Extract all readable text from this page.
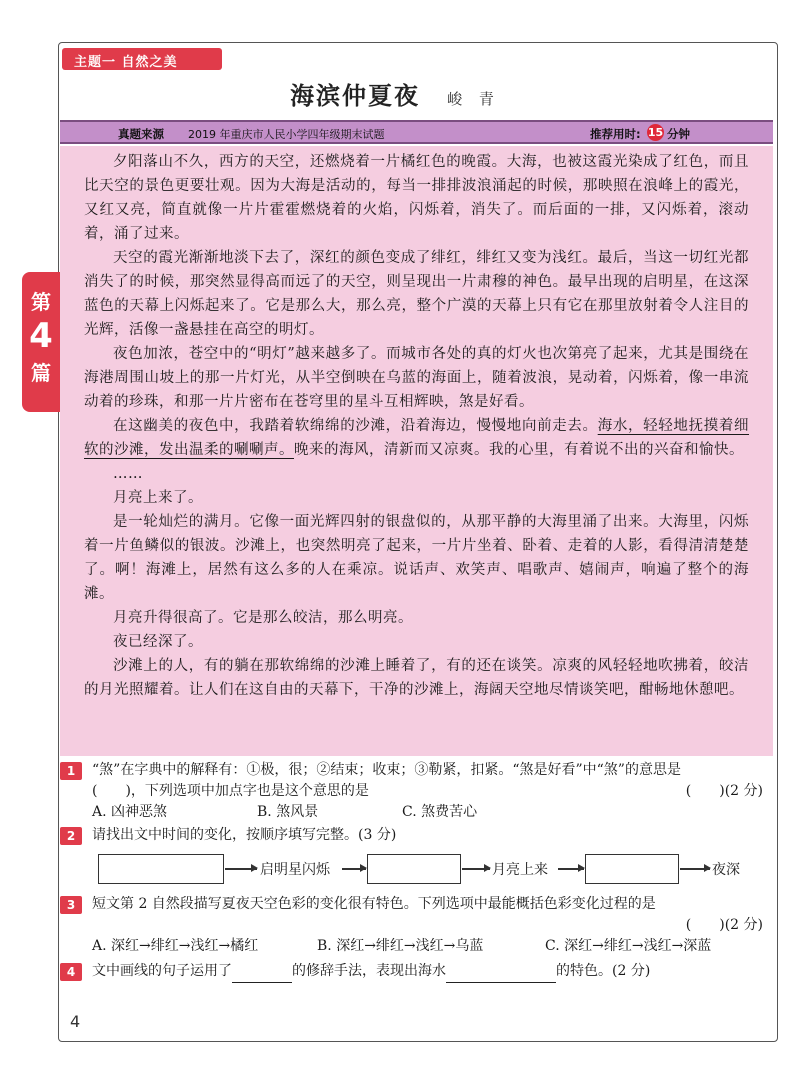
主题一 自然之美
海滨仲夏夜 峻 青
真题来源 2019 年重庆市人民小学四年级期末试题	推荐用时: 15 分钟
第
4
篇

夕阳落山不久，西方的天空，还燃烧着一片橘红色的晚霞。大海，也被这霞光染成了红色，而且比天空的景色更要壮观。因为大海是活动的，每当一排排波浪涌起的时候，那映照在浪峰上的霞光，又红又亮，简直就像一片片霍霍燃烧着的火焰，闪烁着，消失了。而后面的一排，又闪烁着，滚动着，涌了过来。

天空的霞光渐渐地淡下去了，深红的颜色变成了绯红，绯红又变为浅红。最后，当这一切红光都消失了的时候，那突然显得高而远了的天空，则呈现出一片肃穆的神色。最早出现的启明星，在这深蓝色的天幕上闪烁起来了。它是那么大，那么亮，整个广漠的天幕上只有它在那里放射着令人注目的光辉，活像一盏悬挂在高空的明灯。

夜色加浓，苍空中的“明灯”越来越多了。而城市各处的真的灯火也次第亮了起来，尤其是围绕在海港周围山坡上的那一片灯光，从半空倒映在乌蓝的海面上，随着波浪，晃动着，闪烁着，像一串流动着的珍珠，和那一片片密布在苍穹里的星斗互相辉映，煞是好看。

在这幽美的夜色中，我踏着软绵绵的沙滩，沿着海边，慢慢地向前走去。海水，轻轻地抚摸着细软的沙滩，发出温柔的唰唰声。晚来的海风，清新而又凉爽。我的心里，有着说不出的兴奋和愉快。

……

月亮上来了。

是一轮灿烂的满月。它像一面光辉四射的银盘似的，从那平静的大海里涌了出来。大海里，闪烁着一片鱼鳞似的银波。沙滩上，也突然明亮了起来，一片片坐着、卧着、走着的人影，看得清清楚楚了。啊！海滩上，居然有这么多的人在乘凉。说话声、欢笑声、唱歌声、嬉闹声，响遍了整个的海滩。

月亮升得很高了。它是那么皎洁，那么明亮。

夜已经深了。

沙滩上的人，有的躺在那软绵绵的沙滩上睡着了，有的还在谈笑。凉爽的风轻轻地吹拂着，皎洁的月光照耀着。让人们在这自由的天幕下，干净的沙滩上，海阔天空地尽情谈笑吧，酣畅地休憩吧。

1	“煞”在字典中的解释有：①极，很；②结束；收束；③勒紧，扣紧。“煞是好看”中“煞”的意思是
(　　)，下列选项中加点字也是这个意思的是	(　　)(2 分)
A. 凶神恶煞	B. 煞风景	C. 煞费苦心
2	请找出文中时间的变化，按顺序填写完整。(3 分)
启明星闪烁	月亮上来	夜深
3	短文第 2 自然段描写夏夜天空色彩的变化很有特色。下列选项中最能概括色彩变化过程的是
(　　)(2 分)
A. 深红→绯红→浅红→橘红	B. 深红→绯红→浅红→乌蓝	C. 深红→绯红→浅红→深蓝
4	文中画线的句子运用了	的修辞手法，表现出海水	的特色。(2 分)
4
